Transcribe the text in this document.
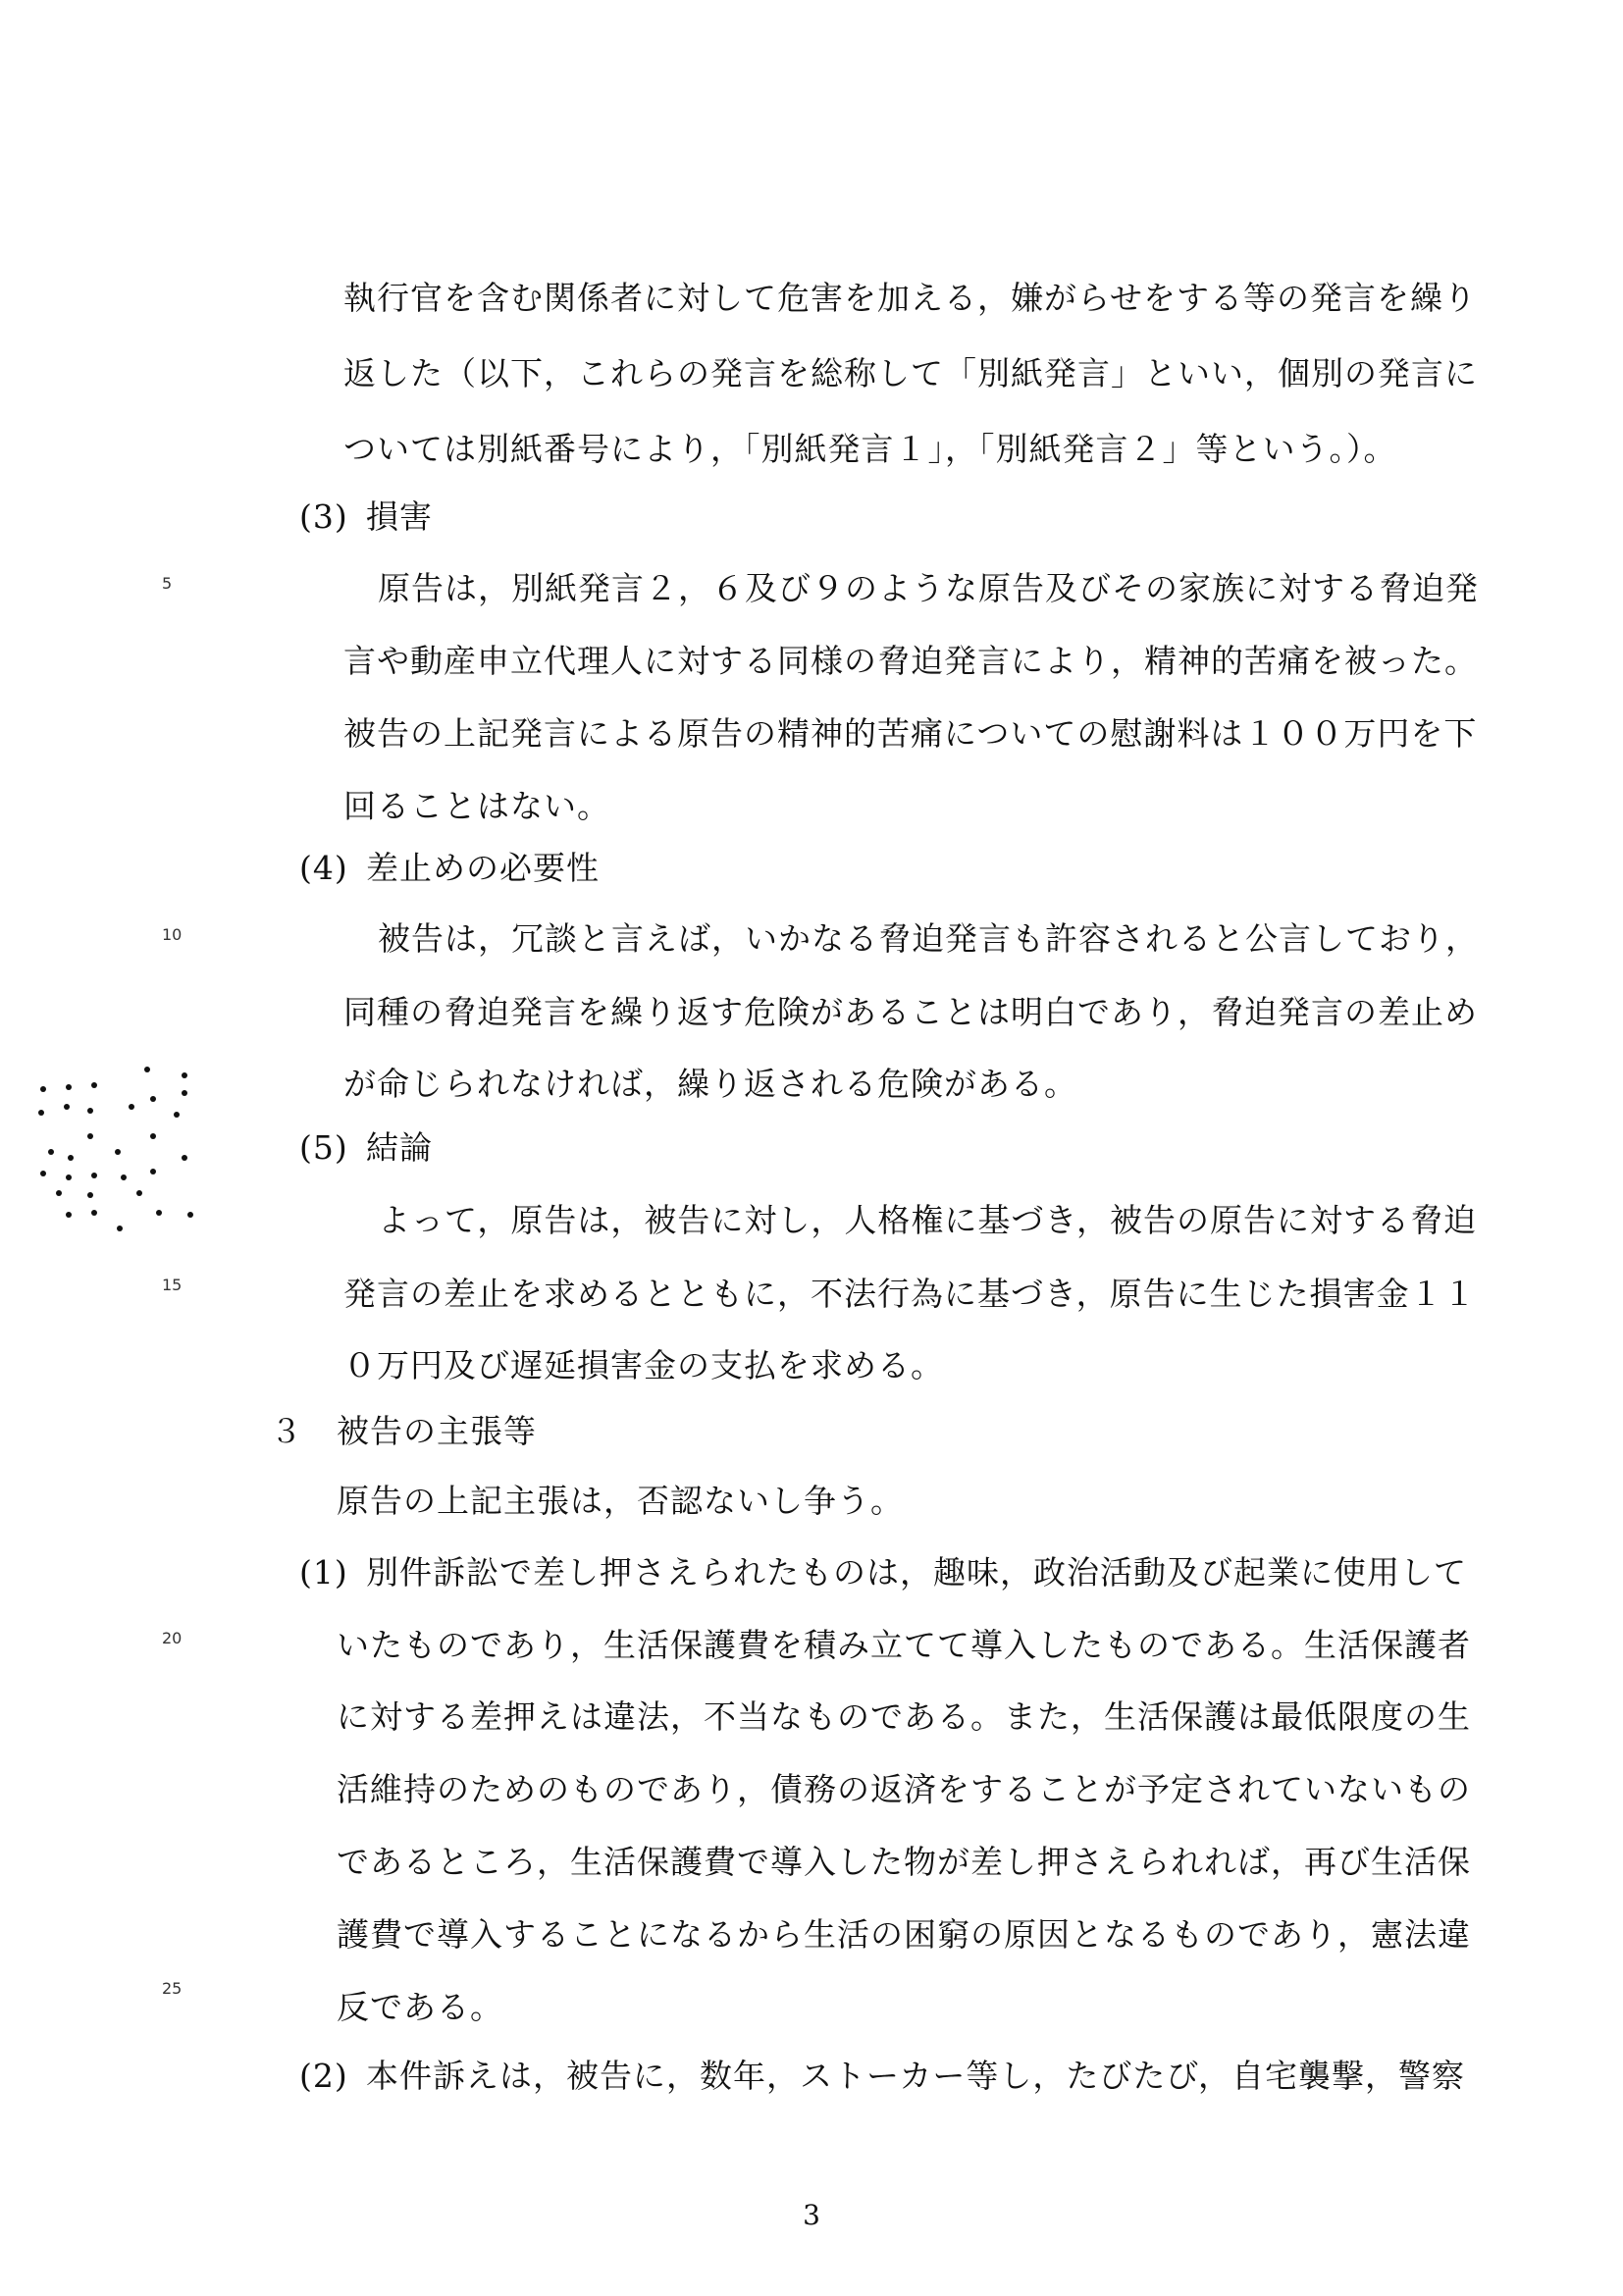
執行官を含む関係者に対して危害を加える，嫌がらせをする等の発言を繰り
返した（以下，これらの発言を総称して「別紙発言」といい，個別の発言に
ついては別紙番号により，「別紙発言１」，「別紙発言２」等という。）。
(3) 損害
原告は，別紙発言２，６及び９のような原告及びその家族に対する脅迫発
言や動産申立代理人に対する同様の脅迫発言により，精神的苦痛を被った。
被告の上記発言による原告の精神的苦痛についての慰謝料は１００万円を下
回ることはない。
(4) 差止めの必要性
被告は，冗談と言えば，いかなる脅迫発言も許容されると公言しており，
同種の脅迫発言を繰り返す危険があることは明白であり，脅迫発言の差止め
が命じられなければ，繰り返される危険がある。
(5) 結論
よって，原告は，被告に対し，人格権に基づき，被告の原告に対する脅迫
発言の差止を求めるとともに，不法行為に基づき，原告に生じた損害金１１
０万円及び遅延損害金の支払を求める。
３ 被告の主張等
原告の上記主張は，否認ないし争う。
(1) 別件訴訟で差し押さえられたものは，趣味，政治活動及び起業に使用して
いたものであり，生活保護費を積み立てて導入したものである。生活保護者
に対する差押えは違法，不当なものである。また，生活保護は最低限度の生
活維持のためのものであり，債務の返済をすることが予定されていないもの
であるところ，生活保護費で導入した物が差し押さえられれば，再び生活保
護費で導入することになるから生活の困窮の原因となるものであり，憲法違
反である。
(2) 本件訴えは，被告に，数年，ストーカー等し，たびたび，自宅襲撃，警察
5
10
15
20
25
3
